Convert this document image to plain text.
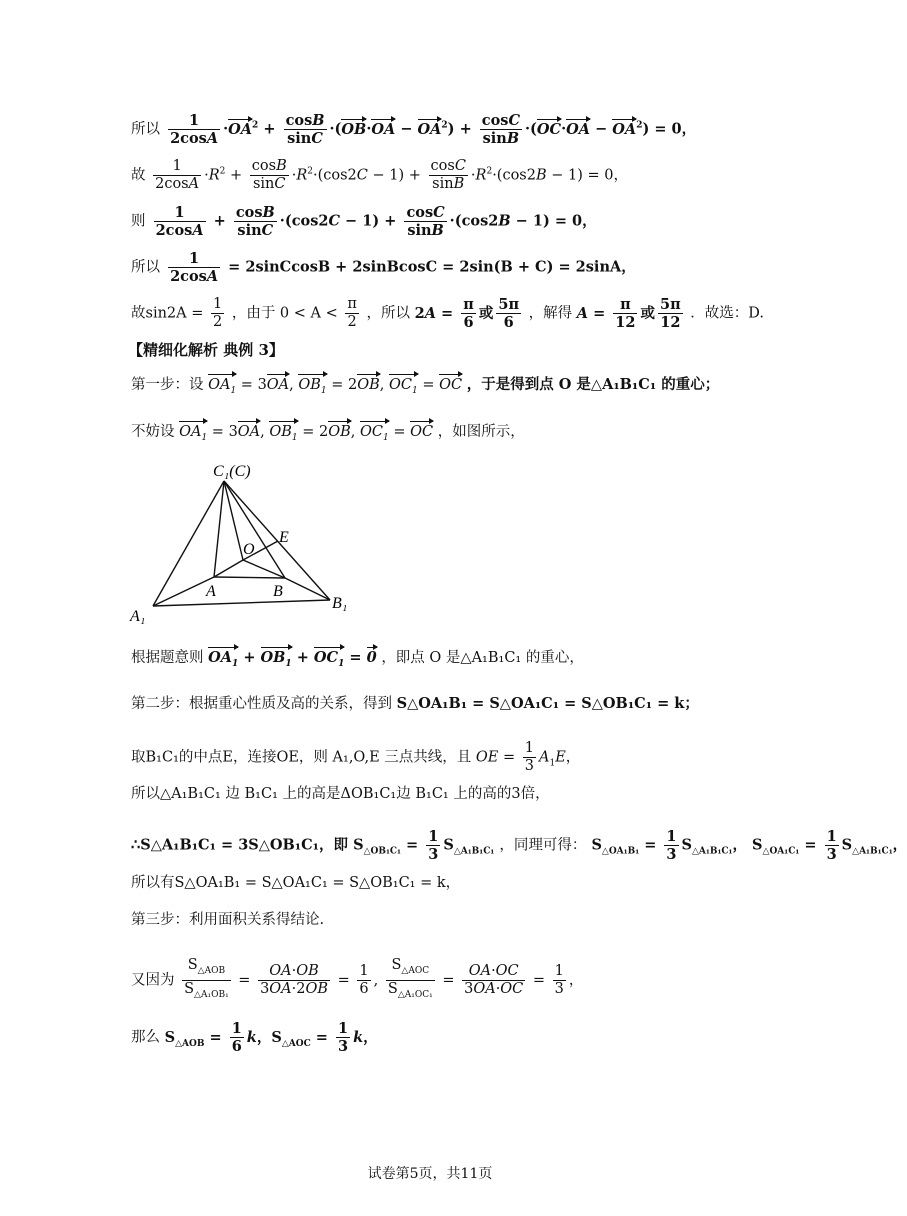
所以 $\frac{1}{2\cos A} \cdot OA^2 + \frac{\cos B}{\sin C} \cdot(OB\cdot OA - OA^2) + \frac{\cos C}{\sin B} \cdot(OC\cdot OA - OA^2) = 0$，
故 $\frac{1}{2\cos A} \cdot R^2 + \frac{\cos B}{\sin C} \cdot R^2\cdot(\cos 2C - 1) + \frac{\cos C}{\sin B} \cdot R^2\cdot(\cos 2B - 1) = 0$，
则 $\frac{1}{2\cos A} + \frac{\cos B}{\sin C} \cdot(\cos 2C - 1) + \frac{\cos C}{\sin B} \cdot(\cos 2B - 1) = 0$，
所以 $\frac{1}{2\cos A}$ = 2sinCcosB + 2sinBcosC = 2sin(B + C) = 2sinA，
故$\sin 2A = \frac{1}{2}$ ，由于 $0 < A < \frac{\pi}{2}$ ，所以 $2A = \frac{\pi}{6}$ 或 $\frac{5\pi}{6}$ ，解得 $A = \frac{\pi}{12}$ 或 $\frac{5\pi}{12}$ ．故选：D.
【精细化解析 典例 3】
第一步：设 $OA_1 = 3OA$, $OB_1 = 2OB$, $OC_1$ = OC ，于是得到点 O 是△A₁B₁C₁ 的重心；
不妨设 $OA_1 = 3OA$, $OB_1 = 2OB$, $OC_1$ = OC ，如图所示，
C₁(C)
E
O
A	B
A₁
B₁
根据题意则 $OA_1 + OB_1 + OC_1 = 0$ ，即点 O 是△A₁B₁C₁ 的重心，
第二步：根据重心性质及高的关系，得到 S△OA₁B₁ = S△OA₁C₁ = S△OB₁C₁ = k；
取B₁C₁的中点E，连接OE，则 A₁,O,E 三点共线，且 OE = $\frac{1}{3} A_1E$，
所以△A₁B₁C₁ 边 B₁C₁ 上的高是ΔOB₁C₁边 B₁C₁ 上的高的3倍，
∴S△A₁B₁C₁ = 3S△OB₁C₁，即 $S_{\triangle OB_1C_1} = \frac{1}{3} S_{\triangle A_1B_1C_1}$ ，同理可得： $S_{\triangle OA_1B_1} = \frac{1}{3} S_{\triangle A_1B_1C_1}$， $S_{\triangle OA_1C_1} = \frac{1}{3} S_{\triangle A_1B_1C_1}$，
所以有S△OA₁B₁ = S△OA₁C₁ = S△OB₁C₁ = k，
第三步：利用面积关系得结论.
又因为 $\frac{S_{\triangle AOB}}{S_{\triangle A_1OB_1}} = \frac{OA\cdot OB}{3OA\cdot 2OB} = \frac{1}{6}$ , $\frac{S_{\triangle AOC}}{S_{\triangle A_1OC_1}} = \frac{OA\cdot OC}{3OA\cdot OC} = \frac{1}{3}$ ，
那么 $S_{\triangle AOB} = \frac{1}{6}$ k，$S_{\triangle AOC} = \frac{1}{3}$ k，
试卷第5页，共11页
